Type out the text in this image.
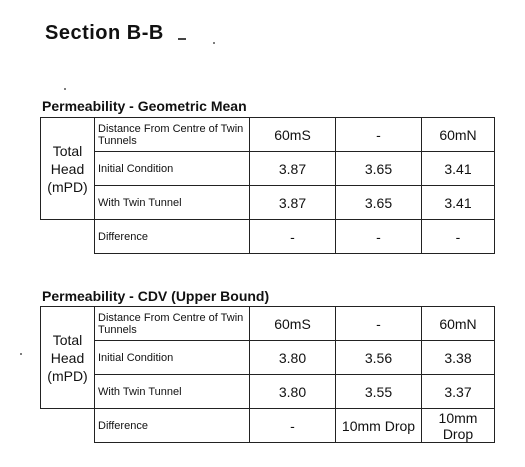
Section B-B
Permeability - Geometric Mean
Total
Head
(mPD)	Distance From Centre of Twin Tunnels	60mS	-	60mN
	Initial Condition	3.87	3.65	3.41
	With Twin Tunnel	3.87	3.65	3.41
	Difference	-	-	-
Permeability - CDV (Upper Bound)
Total
Head
(mPD)	Distance From Centre of Twin Tunnels	60mS	-	60mN
	Initial Condition	3.80	3.56	3.38
	With Twin Tunnel	3.80	3.55	3.37
	Difference	-	10mm Drop	10mm Drop
